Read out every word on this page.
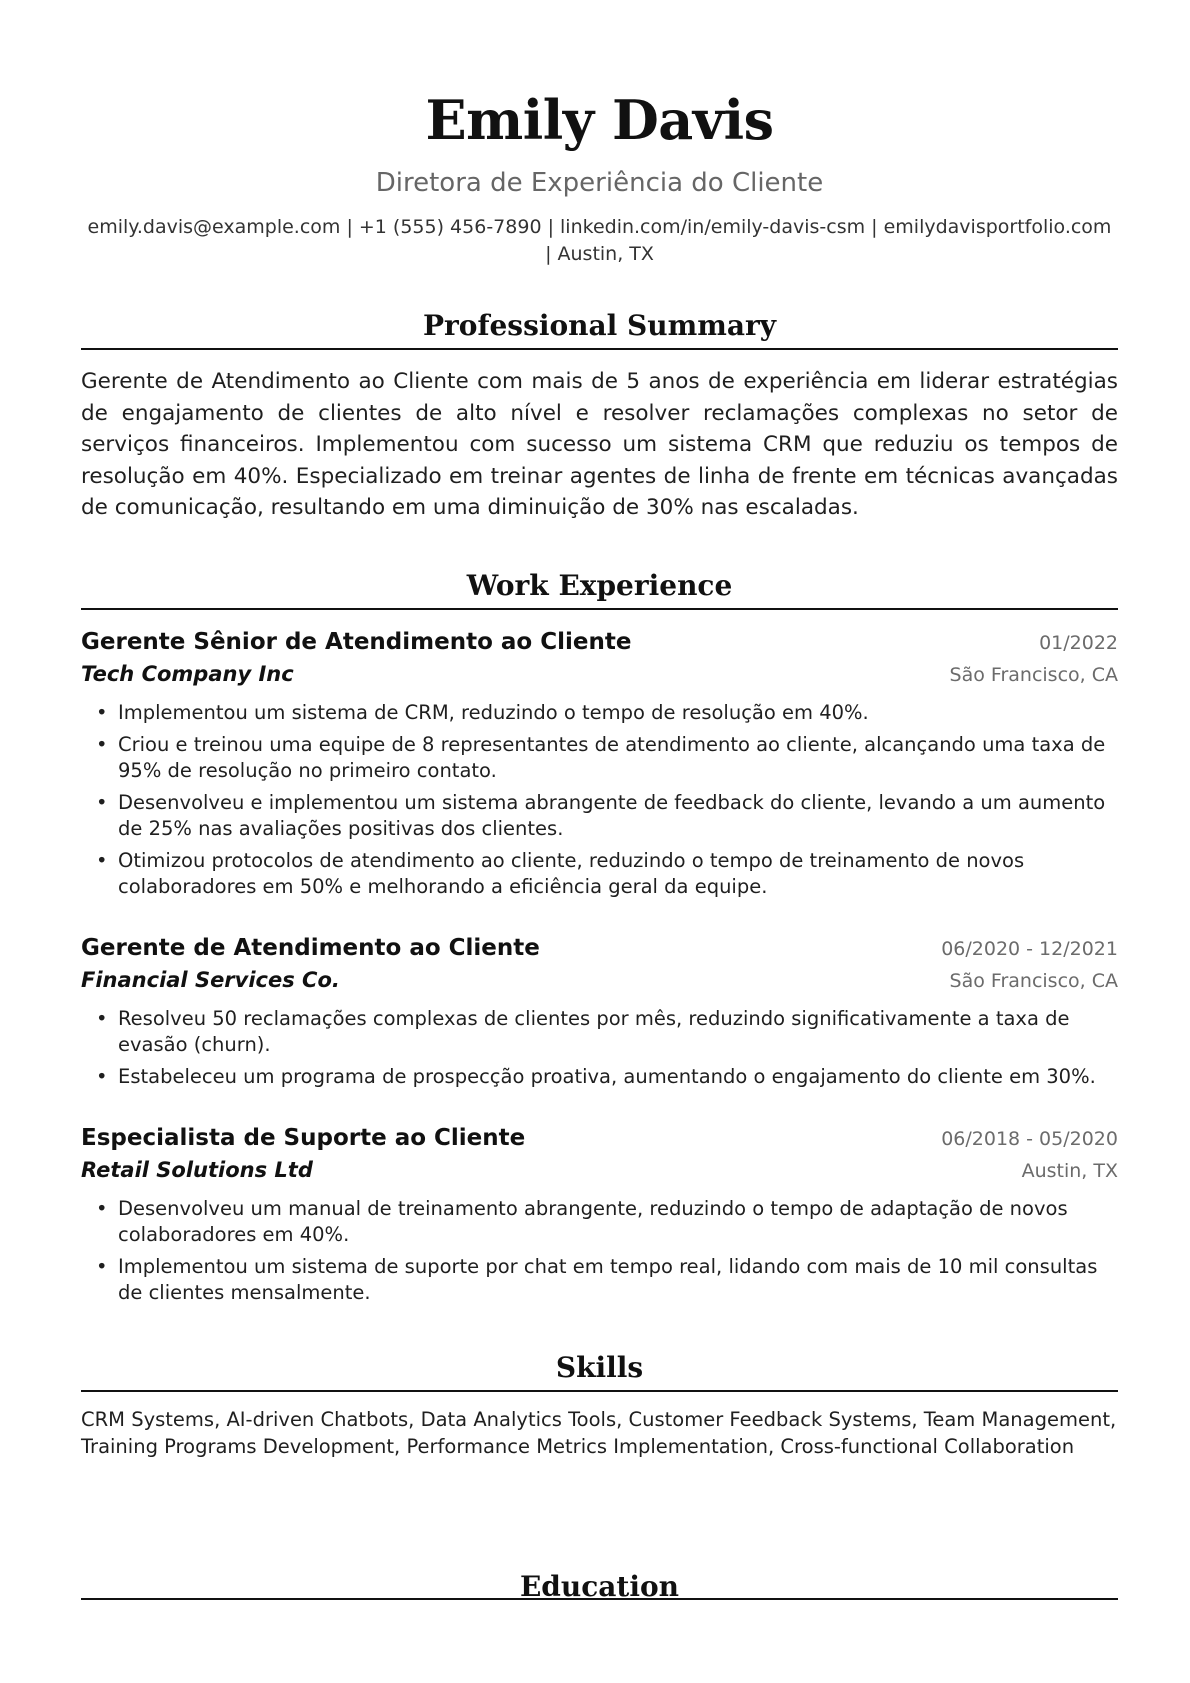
Emily Davis
Diretora de Experiência do Cliente
emily.davis@example.com | +1 (555) 456-7890 | linkedin.com/in/emily-davis-csm | emilydavisportfolio.com | Austin, TX
Professional Summary
Gerente de Atendimento ao Cliente com mais de 5 anos de experiência em liderar estratégias de engajamento de clientes de alto nível e resolver reclamações complexas no setor de serviços financeiros. Implementou com sucesso um sistema CRM que reduziu os tempos de resolução em 40%. Especializado em treinar agentes de linha de frente em técnicas avançadas de comunicação, resultando em uma diminuição de 30% nas escaladas.
Work Experience
Gerente Sênior de Atendimento ao Cliente	01/2022
Tech Company Inc	São Francisco, CA
• Implementou um sistema de CRM, reduzindo o tempo de resolução em 40%.
• Criou e treinou uma equipe de 8 representantes de atendimento ao cliente, alcançando uma taxa de 95% de resolução no primeiro contato.
• Desenvolveu e implementou um sistema abrangente de feedback do cliente, levando a um aumento de 25% nas avaliações positivas dos clientes.
• Otimizou protocolos de atendimento ao cliente, reduzindo o tempo de treinamento de novos colaboradores em 50% e melhorando a eficiência geral da equipe.
Gerente de Atendimento ao Cliente	06/2020 - 12/2021
Financial Services Co.	São Francisco, CA
• Resolveu 50 reclamações complexas de clientes por mês, reduzindo significativamente a taxa de evasão (churn).
• Estabeleceu um programa de prospecção proativa, aumentando o engajamento do cliente em 30%.
Especialista de Suporte ao Cliente	06/2018 - 05/2020
Retail Solutions Ltd	Austin, TX
• Desenvolveu um manual de treinamento abrangente, reduzindo o tempo de adaptação de novos colaboradores em 40%.
• Implementou um sistema de suporte por chat em tempo real, lidando com mais de 10 mil consultas de clientes mensalmente.
Skills
CRM Systems, AI-driven Chatbots, Data Analytics Tools, Customer Feedback Systems, Team Management, Training Programs Development, Performance Metrics Implementation, Cross-functional Collaboration
Education
